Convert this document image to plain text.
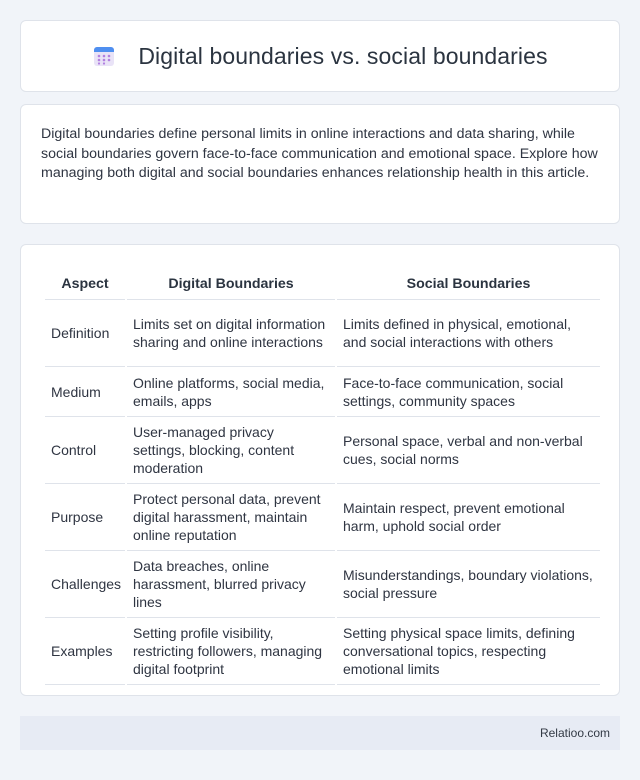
Digital boundaries vs. social boundaries

Digital boundaries define personal limits in online interactions and data sharing, while social boundaries govern face-to-face communication and emotional space. Explore how managing both digital and social boundaries enhances relationship health in this article.

Aspect	Digital Boundaries	Social Boundaries
Definition	Limits set on digital information sharing and online interactions	Limits defined in physical, emotional, and social interactions with others
Medium	Online platforms, social media, emails, apps	Face-to-face communication, social settings, community spaces
Control	User-managed privacy settings, blocking, content moderation	Personal space, verbal and non-verbal cues, social norms
Purpose	Protect personal data, prevent digital harassment, maintain online reputation	Maintain respect, prevent emotional harm, uphold social order
Challenges	Data breaches, online harassment, blurred privacy lines	Misunderstandings, boundary violations, social pressure
Examples	Setting profile visibility, restricting followers, managing digital footprint	Setting physical space limits, defining conversational topics, respecting emotional limits
Relatioo.com
